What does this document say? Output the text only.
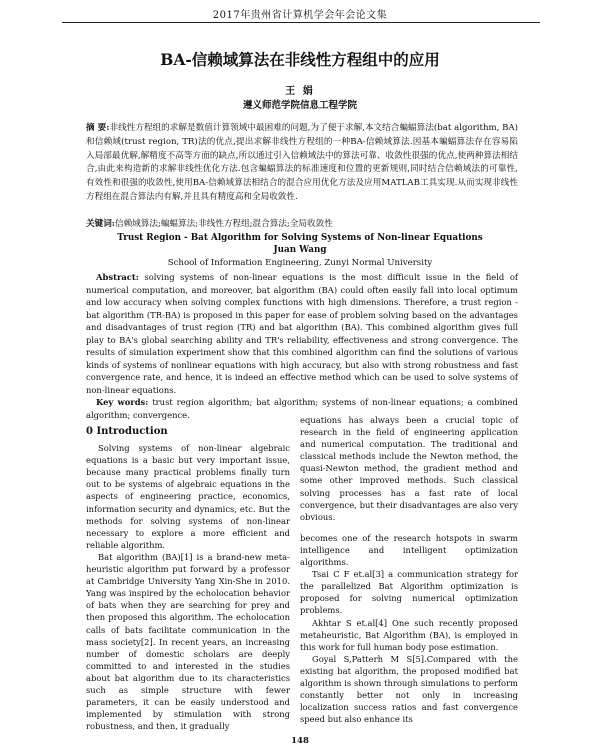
2017年贵州省计算机学会年会论文集
BA-信赖域算法在非线性方程组中的应用
王 娟
遵义师范学院信息工程学院
摘 要:非线性方程组的求解是数值计算领域中最困难的问题,为了便于求解,本文结合蝙蝠算法(bat algorithm, BA)和信赖域(trust region, TR)法的优点,提出求解非线性方程组的一种BA-信赖域算法.因基本蝙蝠算法存在容易陷入局部最优解,解精度不高等方面的缺点,所以通过引入信赖域法中的算法可靠、收敛性很强的优点,使两种算法相结合,由此来构造新的求解非线性优化方法.包含蝙蝠算法的标准速度和位置的更新规则,同时结合信赖域法的可靠性,有效性和很强的收敛性,使用BA-信赖域算法相结合的混合应用优化方法及应用MATLAB工具实现.从而实现非线性方程组在混合算法内有解,并且具有精度高和全局收敛性.
关键词:信赖域算法;蝙蝠算法;非线性方程组;混合算法;全局收敛性
Trust Region - Bat Algorithm for Solving Systems of Non-linear Equations
Juan Wang
School of Information Engineering, Zunyi Normal University
Abstract: solving systems of non-linear equations is the most difficult issue in the field of numerical computation, and moreover, bat algorithm (BA) could often easily fall into local optimum and low accuracy when solving complex functions with high dimensions. Therefore, a trust region - bat algorithm (TR-BA) is proposed in this paper for ease of problem solving based on the advantages and disadvantages of trust region (TR) and bat algorithm (BA). This combined algorithm gives full play to BA's global searching ability and TR's reliability, effectiveness and strong convergence. The results of simulation experiment show that this combined algorithm can find the solutions of various kinds of systems of nonlinear equations with high accuracy, but also with strong robustness and fast convergence rate, and hence, it is indeed an effective method which can be used to solve systems of non-linear equations.
Key words: trust region algorithm; bat algorithm; systems of non-linear equations; a combined algorithm; convergence.

0 Introduction

Solving systems of non-linear algebraic equations is a basic but very important issue, because many practical problems finally turn out to be systems of algebraic equations in the aspects of engineering practice, economics, information security and dynamics, etc. But the methods for solving systems of non-linear necessary to explore a more efficient and reliable algorithm.

Bat algorithm (BA)[1] is a brand-new meta-heuristic algorithm put forward by a professor at Cambridge University Yang Xin-She in 2010. Yang was inspired by the echolocation behavior of bats when they are searching for prey and then proposed this algorithm. The echolocation calls of bats facilitate communication in the mass society[2]. In recent years, an increasing number of domestic scholars are deeply committed to and interested in the studies about bat algorithm due to its characteristics such as simple structure with fewer parameters, it can be easily understood and implemented by stimulation with strong robustness, and then, it gradually

equations has always been a crucial topic of research in the field of engineering application and numerical computation. The traditional and classical methods include the Newton method, the quasi-Newton method, the gradient method and some other improved methods. Such classical solving processes has a fast rate of local convergence, but their disadvantages are also very obvious.

becomes one of the research hotspots in swarm intelligence and intelligent optimization algorithms.

Tsai C F et.al[3] a communication strategy for the parallelized Bat Algorithm optimization is proposed for solving numerical optimization problems.

Akhtar S et.al[4] One such recently proposed metaheuristic, Bat Algorithm (BA), is employed in this work for full human body pose estimation.

Goyal S,Patterh M S[5].Compared with the existing bat algorithm, the proposed modified bat algorithm is shown through simulations to perform constantly better not only in increasing localization success ratios and fast convergence speed but also enhance its

148
